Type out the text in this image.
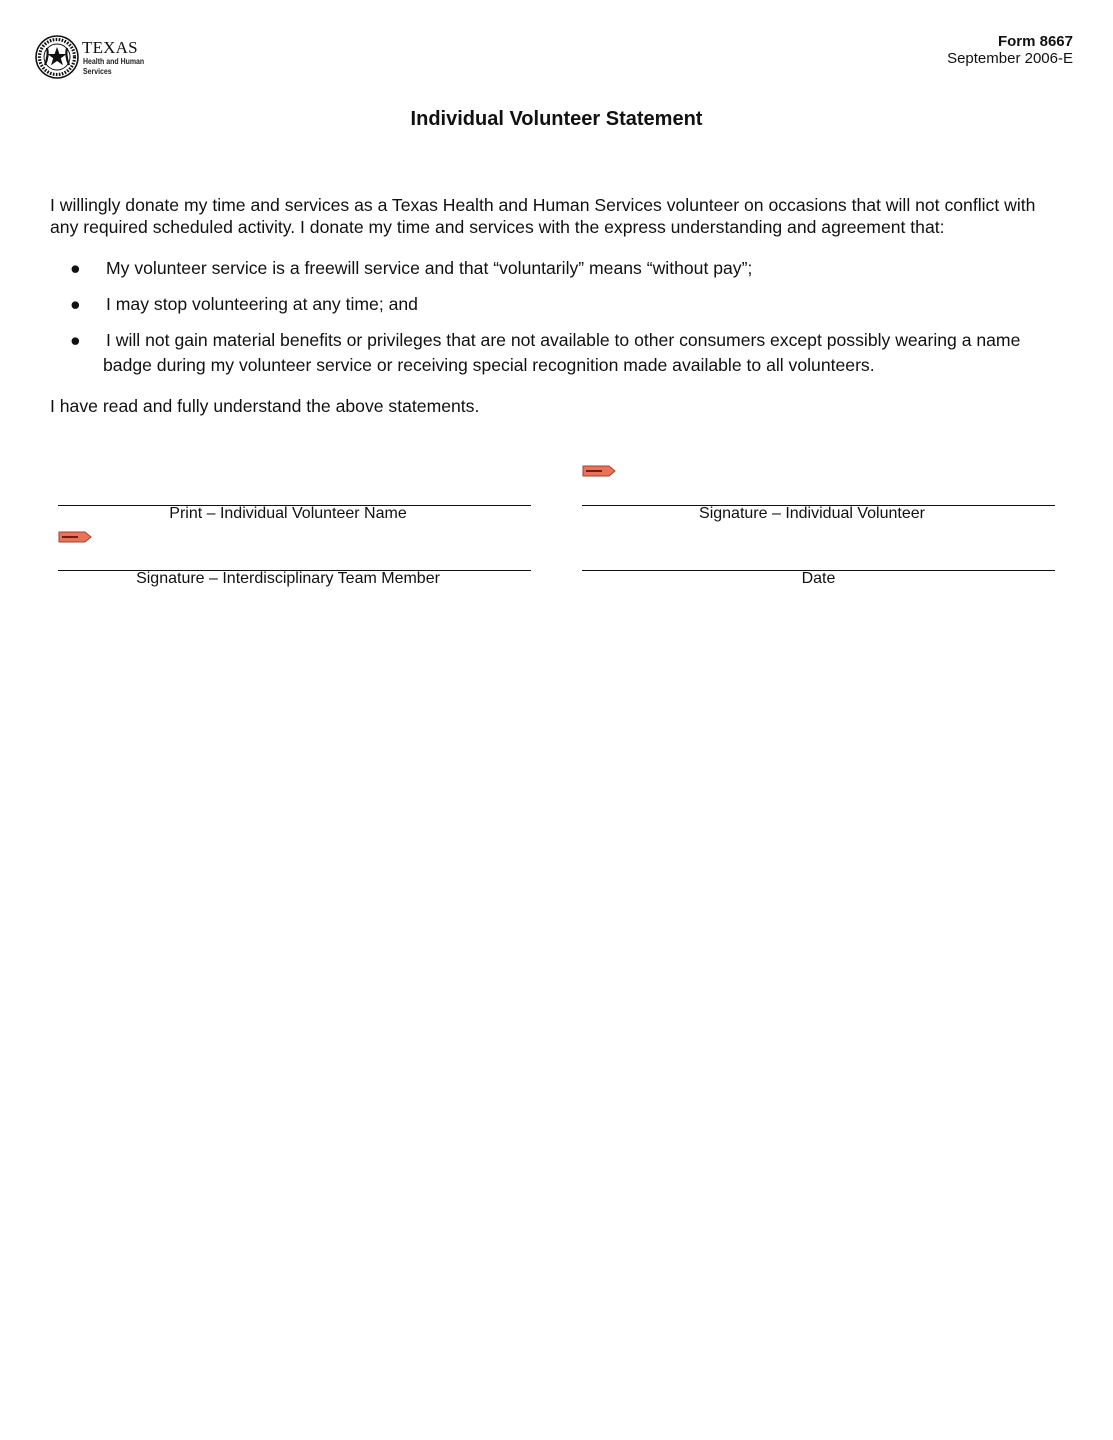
TEXAS
Health and Human
Services
Form 8667
September 2006-E
Individual Volunteer Statement

I willingly donate my time and services as a Texas Health and Human Services volunteer on occasions that will not conflict with any required scheduled activity. I donate my time and services with the express understanding and agreement that:

● My volunteer service is a freewill service and that “voluntarily” means “without pay”;
● I may stop volunteering at any time; and
● I will not gain material benefits or privileges that are not available to other consumers except possibly wearing a name badge during my volunteer service or receiving special recognition made available to all volunteers.

I have read and fully understand the above statements.

Print – Individual Volunteer Name	Signature – Individual Volunteer
Signature – Interdisciplinary Team Member	Date
